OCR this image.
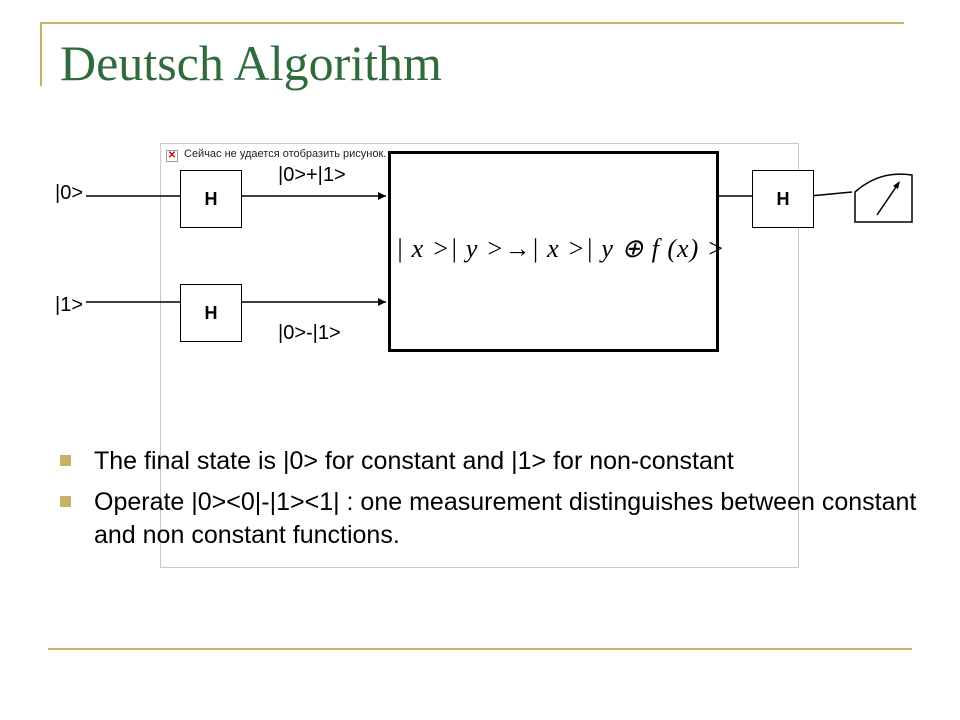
Deutsch Algorithm
✕ Сейчас не удается отобразить рисунок.
|0>
|1>
|0>+|1>
|0>-|1>
H
H
H
| x >| y >→| x >| y ⊕ f (x) >
The final state is |0> for constant and |1> for non-constant
Operate |0><0|-|1><1| : one measurement distinguishes between constant and non constant functions.
